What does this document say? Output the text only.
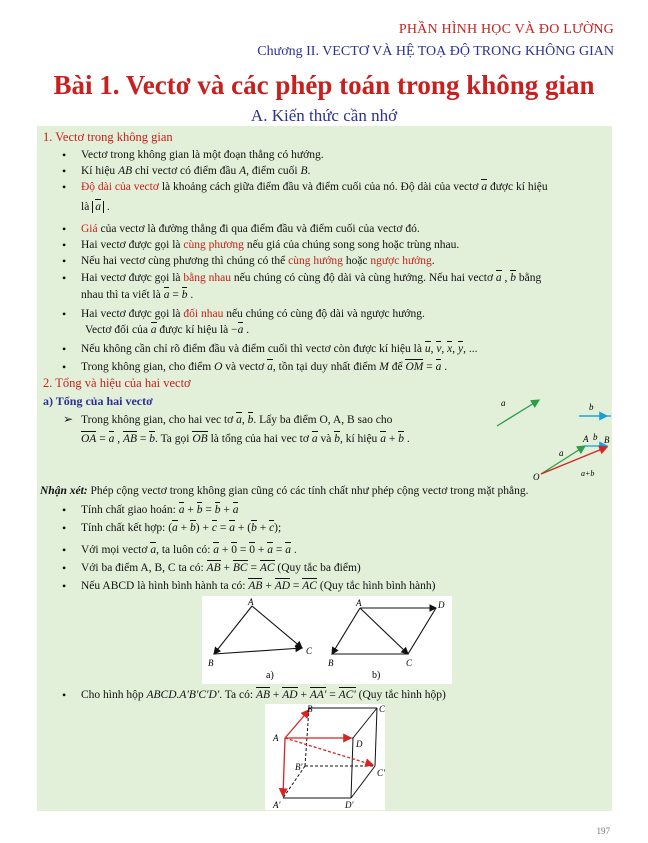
PHẦN HÌNH HỌC VÀ ĐO LƯỜNG
Chương II. VECTƠ VÀ HỆ TOẠ ĐỘ TRONG KHÔNG GIAN
Bài 1. Vectơ và các phép toán trong không gian
A. Kiến thức cần nhớ
1. Vectơ trong không gian
• Vectơ trong không gian là một đoạn thẳng có hướng.
• Kí hiệu AB chỉ vectơ có điểm đầu A, điểm cuối B.
• Độ dài của vectơ là khoảng cách giữa điểm đầu và điểm cuối của nó. Độ dài của vectơ a được kí hiệu
là a .
• Giá của vectơ là đường thẳng đi qua điểm đầu và điểm cuối của vectơ đó.
• Hai vectơ được gọi là cùng phương nếu giá của chúng song song hoặc trùng nhau.
• Nếu hai vectơ cùng phương thì chúng có thể cùng hướng hoặc ngược hướng.
• Hai vectơ được gọi là bằng nhau nếu chúng có cùng độ dài và cùng hướng. Nếu hai vectơ a , b bằng
nhau thì ta viết là a = b .
• Hai vectơ được gọi là đối nhau nếu chúng có cùng độ dài và ngược hướng.
Vectơ đối của a được kí hiệu là −a .
• Nếu không cần chỉ rõ điểm đầu và điểm cuối thì vectơ còn được kí hiệu là u, v, x, y, ...
• Trong không gian, cho điểm O và vectơ a, tồn tại duy nhất điểm M để OM = a .
2. Tổng và hiệu của hai vectơ
a) Tổng của hai vectơ
➢ Trong không gian, cho hai vec tơ a, b. Lấy ba điểm O, A, B sao cho
OA = a , AB = b. Ta gọi OB là tổng của hai vec tơ a và b, kí hiệu a + b .
a	b
O
A B
a
b
a+b
Nhận xét: Phép cộng vectơ trong không gian cũng có các tính chất như phép cộng vectơ trong mặt phẳng.
• Tính chất giao hoán: a + b = b + a
• Tính chất kết hợp: (a + b) + c = a + (b + c);
• Với mọi vectơ a, ta luôn có: a + 0 = 0 + a = a .
• Với ba điểm A, B, C ta có: AB + BC = AC (Quy tắc ba điểm)
• Nếu ABCD là hình bình hành ta có: AB + AD = AC (Quy tắc hình bình hành)
A
B
C
a)
A	D
B	C
b)
• Cho hình hộp ABCD.A'B'C'D'. Ta có: AB + AD + AA' = AC' (Quy tắc hình hộp)
B	C
A
D
B'
C'
A'	D'
197
